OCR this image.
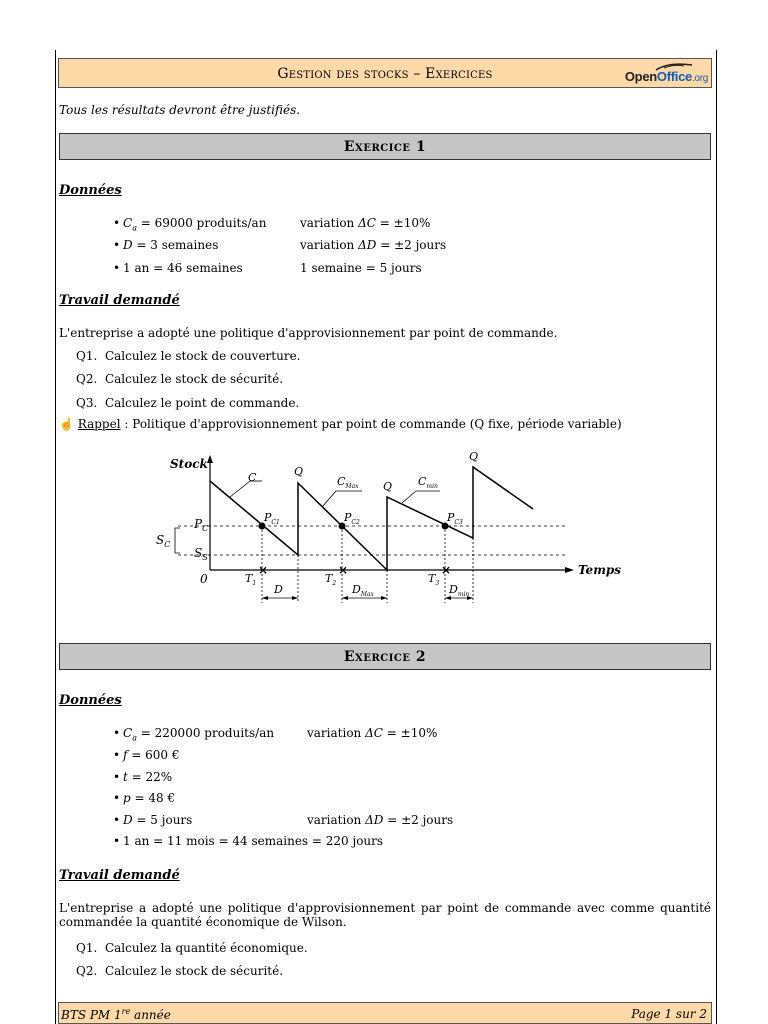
Gestion des stocks – Exercices	OpenOffice.org
Tous les résultats devront être justifiés.
Exercice 1
Données
• $C_a = 69000$ produits/an	variation ΔC = ±10%
• D = 3 semaines	variation ΔD = ±2 jours
• 1 an = 46 semaines	1 semaine = 5 jours
Travail demandé
L'entreprise a adopté une politique d'approvisionnement par point de commande.
Q1. Calculez le stock de couverture.
Q2. Calculez le stock de sécurité.
Q3. Calculez le point de commande.
☝ Rappel : Politique d'approvisionnement par point de commande (Q fixe, période variable)
×	×	×
Stock
Temps
0
C	Q
Q
Q
$C_{Max}$	$C_{min}$
$P_{C1}$	$P_{C2}$	$P_{C3}$
$P_C$
$S_S$
$S_C$
$T_1$	$T_2$	$T_3$
D	$D_{Max}$	$D_{min}$
Exercice 2
Données
• $C_a = 220000$ produits/an	variation ΔC = ±10%
• f = 600 €
• t = 22%
• p = 48 €
• D = 5 jours	variation ΔD = ±2 jours
• 1 an = 11 mois = 44 semaines = 220 jours
Travail demandé
L'entreprise a adopté une politique d'approvisionnement par point de commande avec comme quantité commandée la quantité économique de Wilson.
Q1. Calculez la quantité économique.
Q2. Calculez le stock de sécurité.
BTS PM 1re année	Page 1 sur 2
